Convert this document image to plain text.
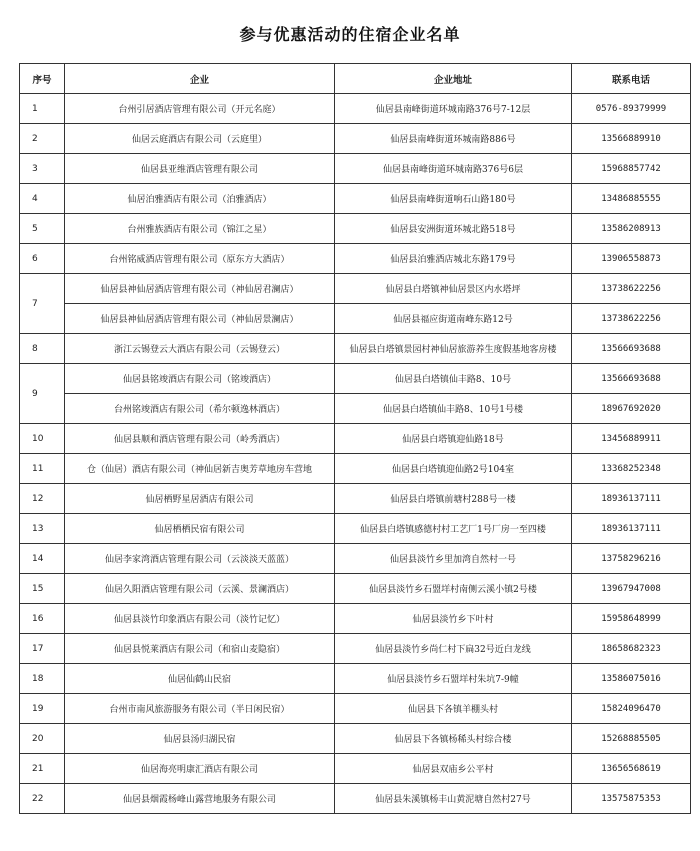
参与优惠活动的住宿企业名单
序号	企业	企业地址	联系电话
1	台州引居酒店管理有限公司（开元名庭）	仙居县南峰街道环城南路376号7-12层	0576-89379999
2	仙居云庭酒店有限公司（云庭里）	仙居县南峰街道环城南路886号	13566889910
3	仙居县亚维酒店管理有限公司	仙居县南峰街道环城南路376号6层	15968857742
4	仙居泊雅酒店有限公司（泊雅酒店）	仙居县南峰街道响石山路180号	13486885555
5	台州雅族酒店有限公司（锦江之星）	仙居县安洲街道环城北路518号	13586208913
6	台州铭威酒店管理有限公司（原东方大酒店）	仙居县泊雅酒店城北东路179号	13906558873
7	仙居县神仙居酒店管理有限公司（神仙居君澜店）	仙居县白塔镇神仙居景区内水塔坪	13738622256
	仙居县神仙居酒店管理有限公司（神仙居景澜店）	仙居县福应街道南峰东路12号	13738622256
8	浙江云锡登云大酒店有限公司（云锡登云）	仙居县白塔镇景园村神仙居旅游养生度假基地客房楼	13566693688
9	仙居县铭竣酒店有限公司（铭竣酒店）	仙居县白塔镇仙丰路8、10号	13566693688
	台州铭竣酒店有限公司（希尔顿逸林酒店）	仙居县白塔镇仙丰路8、10号1号楼	18967692020
10	仙居县顺和酒店管理有限公司（岭秀酒店）	仙居县白塔镇迎仙路18号	13456889911
11	仓（仙居）酒店有限公司（神仙居新吉奥芳草地房车营地	仙居县白塔镇迎仙路2号104室	13368252348
12	仙居栖野星居酒店有限公司	仙居县白塔镇前塘村288号一楼	18936137111
13	仙居栖栖民宿有限公司	仙居县白塔镇感德村村工艺厂1号厂房一至四楼	18936137111
14	仙居李家湾酒店管理有限公司（云淡淡天蓝蓝）	仙居县淡竹乡里加湾自然村一号	13758296216
15	仙居久阳酒店管理有限公司（云溪、景澜酒店）	仙居县淡竹乡石盟垟村南侧云溪小镇2号楼	13967947008
16	仙居县淡竹印象酒店有限公司（淡竹记忆）	仙居县淡竹乡下叶村	15958648999
17	仙居县悦莱酒店有限公司（和宿山麦隐宿）	仙居县淡竹乡尚仁村下扁32号近白龙线	18658682323
18	仙居仙鹤山民宿	仙居县淡竹乡石盟垟村朱坑7-9幢	13586075016
19	台州市南风旅游服务有限公司（半日闲民宿）	仙居县下各镇羊棚头村	15824096470
20	仙居县汤归湖民宿	仙居县下各镇杨稀头村综合楼	15268885505
21	仙居海亮明康汇酒店有限公司	仙居县双庙乡公平村	13656568619
22	仙居县烟霞杨峰山露营地服务有限公司	仙居县朱溪镇杨丰山黄泥塘自然村27号	13575875353
